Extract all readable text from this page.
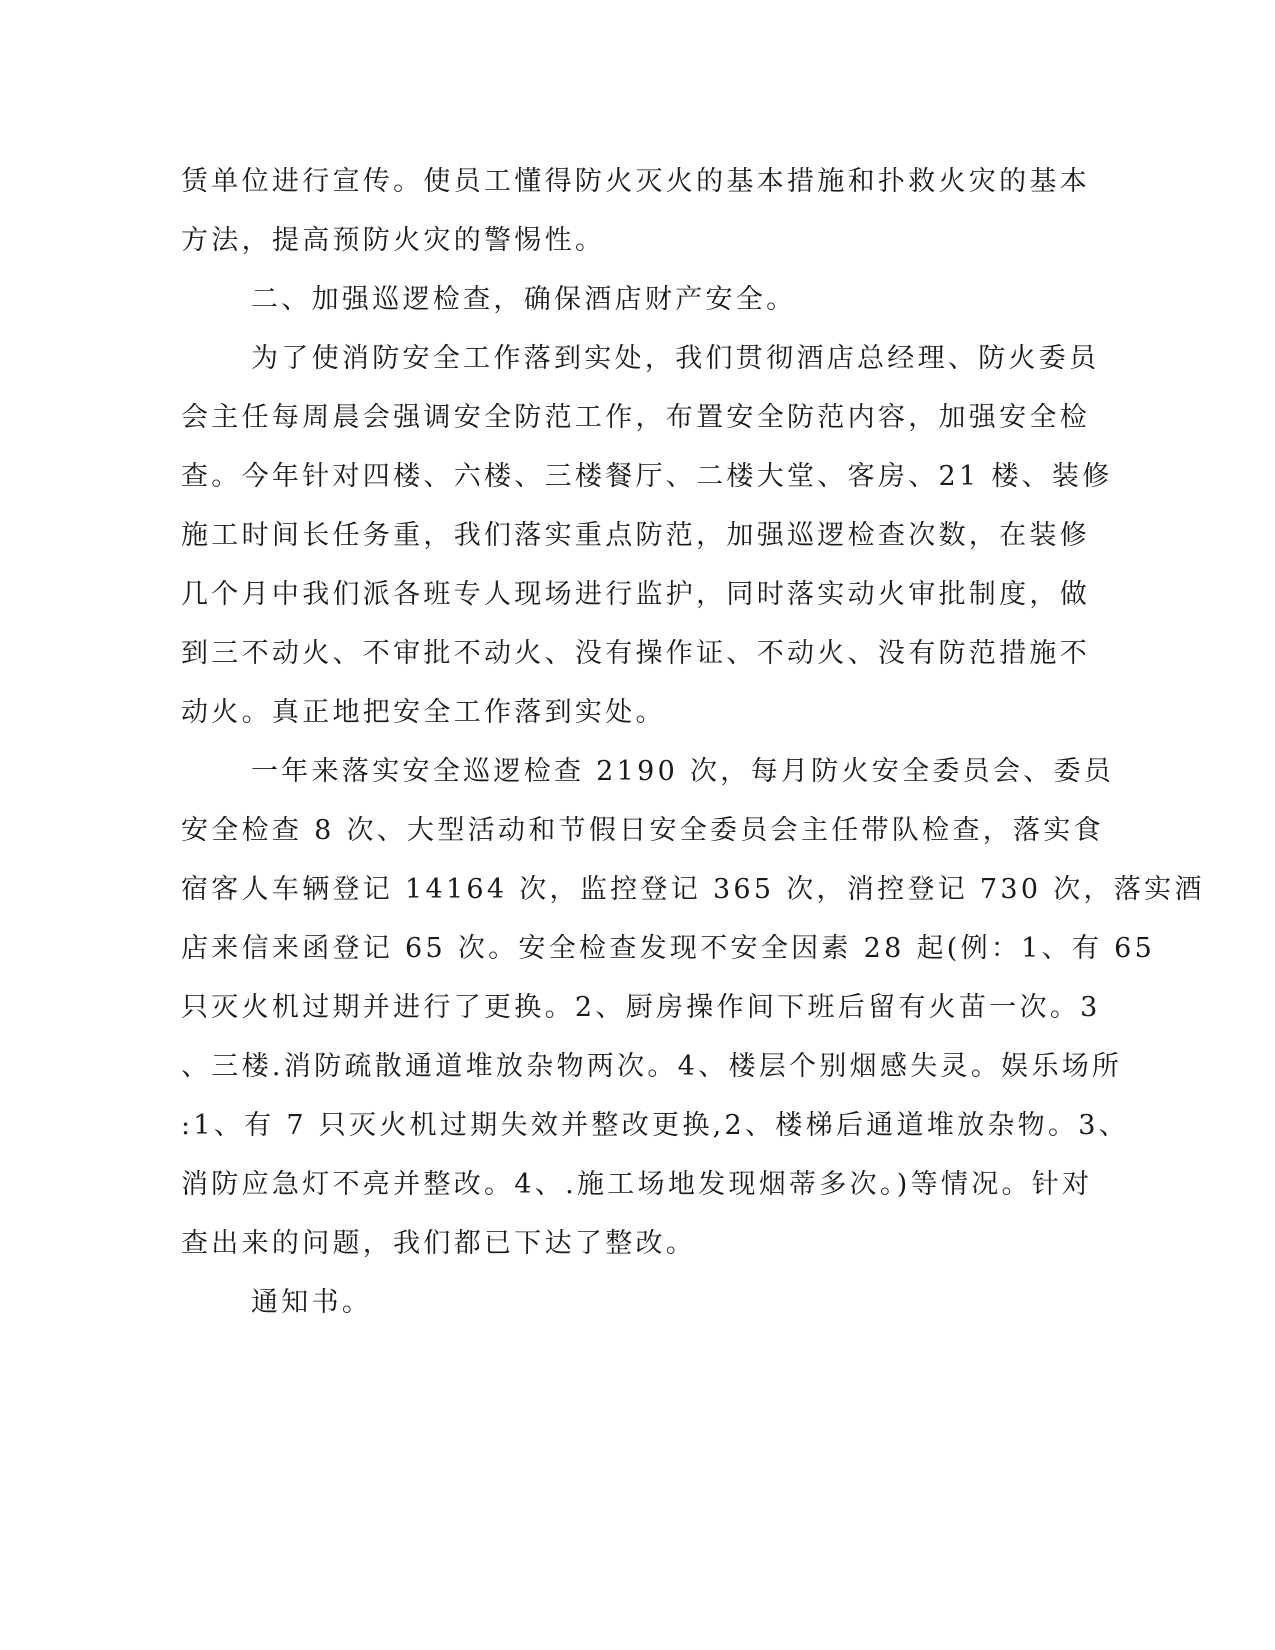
赁单位进行宣传。使员工懂得防火灭火的基本措施和扑救火灾的基本
方法，提高预防火灾的警惕性。
二、加强巡逻检查，确保酒店财产安全。
为了使消防安全工作落到实处，我们贯彻酒店总经理、防火委员
会主任每周晨会强调安全防范工作，布置安全防范内容，加强安全检
查。今年针对四楼、六楼、三楼餐厅、二楼大堂、客房、21 楼、装修
施工时间长任务重，我们落实重点防范，加强巡逻检查次数，在装修
几个月中我们派各班专人现场进行监护，同时落实动火审批制度，做
到三不动火、不审批不动火、没有操作证、不动火、没有防范措施不
动火。真正地把安全工作落到实处。
一年来落实安全巡逻检查 2190 次，每月防火安全委员会、委员
安全检查 8 次、大型活动和节假日安全委员会主任带队检查，落实食
宿客人车辆登记 14164 次，监控登记 365 次，消控登记 730 次，落实酒
店来信来函登记 65 次。安全检查发现不安全因素 28 起(例：1、有 65
只灭火机过期并进行了更换。2、厨房操作间下班后留有火苗一次。3
、三楼.消防疏散通道堆放杂物两次。4、楼层个别烟感失灵。娱乐场所
:1、有 7 只灭火机过期失效并整改更换,2、楼梯后通道堆放杂物。3、
消防应急灯不亮并整改。4、.施工场地发现烟蒂多次。)等情况。针对
查出来的问题，我们都已下达了整改。
通知书。
